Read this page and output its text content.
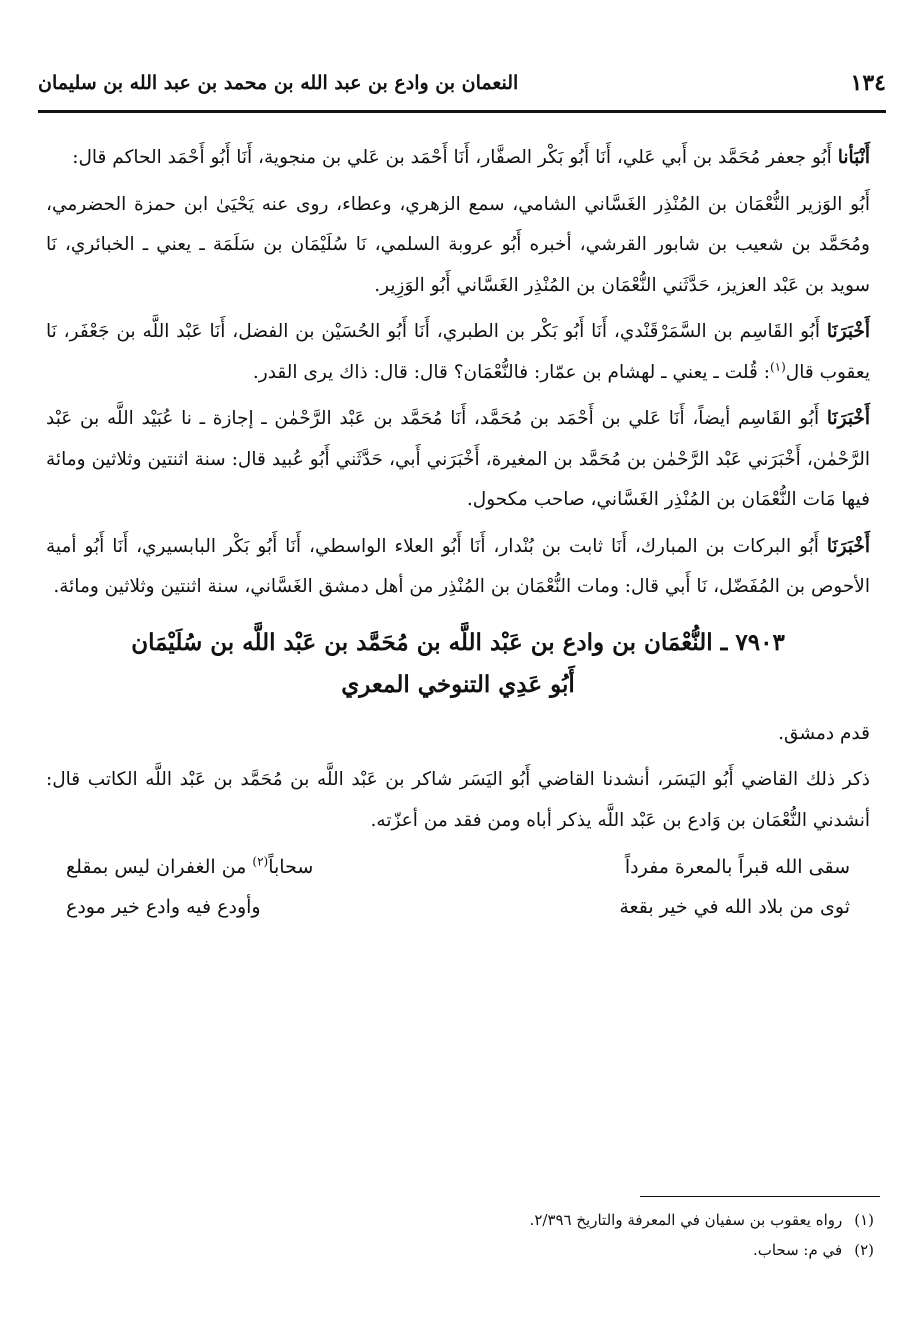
١٣٤
النعمان بن وادع بن عبد الله بن محمد بن عبد الله بن سليمان

أَنْبَأنا أَبُو جعفر مُحَمَّد بن أَبي عَلي، أَنَا أَبُو بَكْر الصفَّار، أَنَا أَحْمَد بن عَلي بن منجوية، أَنَا أَبُو أَحْمَد الحاكم قال:

أَبُو الوَزير النُّعْمَان بن المُنْذِر الغَسَّاني الشامي، سمع الزهري، وعطاء، روى عنه يَحْيَىٰ ابن حمزة الحضرمي، ومُحَمَّد بن شعيب بن شابور القرشي، أخبره أَبُو عروبة السلمي، نَا سُلَيْمَان بن سَلَمَة ـ يعني ـ الخبائري، نَا سويد بن عَبْد العزيز، حَدَّثَني النُّعْمَان بن المُنْذِر الغَسَّاني أَبُو الوَزِير.

أَخْبَرَنَا أَبُو القَاسِم بن السَّمَرْقَنْدي، أَنَا أَبُو بَكْر بن الطبري، أَنَا أَبُو الحُسَيْن بن الفضل، أَنَا عَبْد اللَّه بن جَعْفَر، نَا يعقوب قال$^{(١)}$: قُلت ـ يعني ـ لهشام بن عمّار: فالنُّعْمَان؟ قال: قال: ذاك يرى القدر.

أَخْبَرَنَا أَبُو القَاسِم أيضاً، أَنَا عَلي بن أَحْمَد بن مُحَمَّد، أَنَا مُحَمَّد بن عَبْد الرَّحْمٰن ـ إجازة ـ نا عُبَيْد اللَّه بن عَبْد الرَّحْمٰن، أَخْبَرَني عَبْد الرَّحْمٰن بن مُحَمَّد بن المغيرة، أَخْبَرَني أَبي، حَدَّثَني أَبُو عُبيد قال: سنة اثنتين وثلاثين ومائة فيها مَات النُّعْمَان بن المُنْذِر الغَسَّاني، صاحب مكحول.

أَخْبَرَنَا أَبُو البركات بن المبارك، أَنَا ثابت بن بُنْدار، أَنَا أَبُو العلاء الواسطي، أَنَا أَبُو بَكْر البابسيري، أَنَا أَبُو أمية الأحوص بن المُفَضّل، نَا أَبي قال: ومات النُّعْمَان بن المُنْذِر من أهل دمشق الغَسَّاني، سنة اثنتين وثلاثين ومائة.

٧٩٠٣ ـ النُّعْمَان بن وادع بن عَبْد اللَّه بن مُحَمَّد بن عَبْد اللَّه بن سُلَيْمَان
أَبُو عَدِي التنوخي المعري

قدم دمشق.

ذكر ذلك القاضي أَبُو اليَسَر، أنشدنا القاضي أَبُو اليَسَر شاكر بن عَبْد اللَّه بن مُحَمَّد بن عَبْد اللَّه الكاتب قال: أنشدني النُّعْمَان بن وَادع بن عَبْد اللَّه يذكر أباه ومن فقد من أعزّته.

سقى الله قبراً بالمعرة مفرداً
سحاباً$^{(٢)}$ من الغفران ليس بمقلع
ثوى من بلاد الله في خير بقعة
وأودع فيه وادع خير مودع
(١)رواه يعقوب بن سفيان في المعرفة والتاريخ ٢/٣٩٦.
(٢)في م: سحاب.
